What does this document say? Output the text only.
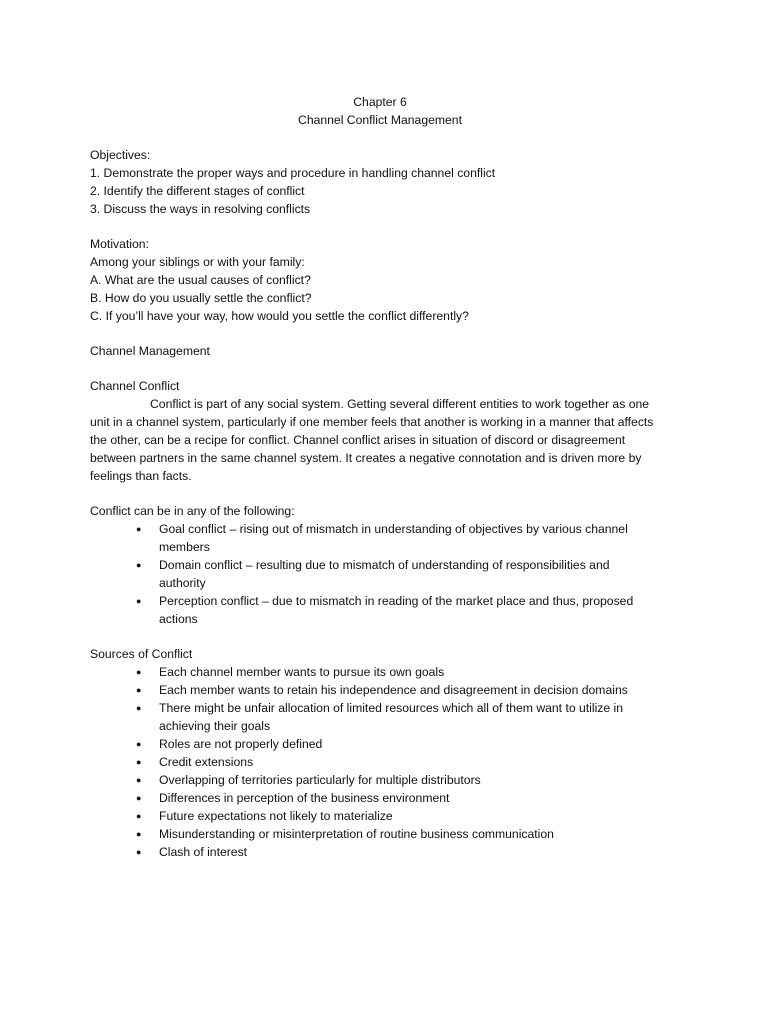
Chapter 6
Channel Conflict Management
Objectives:
1. Demonstrate the proper ways and procedure in handling channel conflict
2. Identify the different stages of conflict
3. Discuss the ways in resolving conflicts
Motivation:
Among your siblings or with your family:
A. What are the usual causes of conflict?
B. How do you usually settle the conflict?
C. If you’ll have your way, how would you settle the conflict differently?
Channel Management
Channel Conflict

Conflict is part of any social system. Getting several different entities to work together as one unit in a channel system, particularly if one member feels that another is working in a manner that affects the other, can be a recipe for conflict. Channel conflict arises in situation of discord or disagreement between partners in the same channel system. It creates a negative connotation and is driven more by feelings than facts.

Conflict can be in any of the following:
● Goal conflict – rising out of mismatch in understanding of objectives by various channel members
● Domain conflict – resulting due to mismatch of understanding of responsibilities and authority
● Perception conflict – due to mismatch in reading of the market place and thus, proposed actions
Sources of Conflict
● Each channel member wants to pursue its own goals
● Each member wants to retain his independence and disagreement in decision domains
● There might be unfair allocation of limited resources which all of them want to utilize in achieving their goals
● Roles are not properly defined
● Credit extensions
● Overlapping of territories particularly for multiple distributors
● Differences in perception of the business environment
● Future expectations not likely to materialize
● Misunderstanding or misinterpretation of routine business communication
● Clash of interest
